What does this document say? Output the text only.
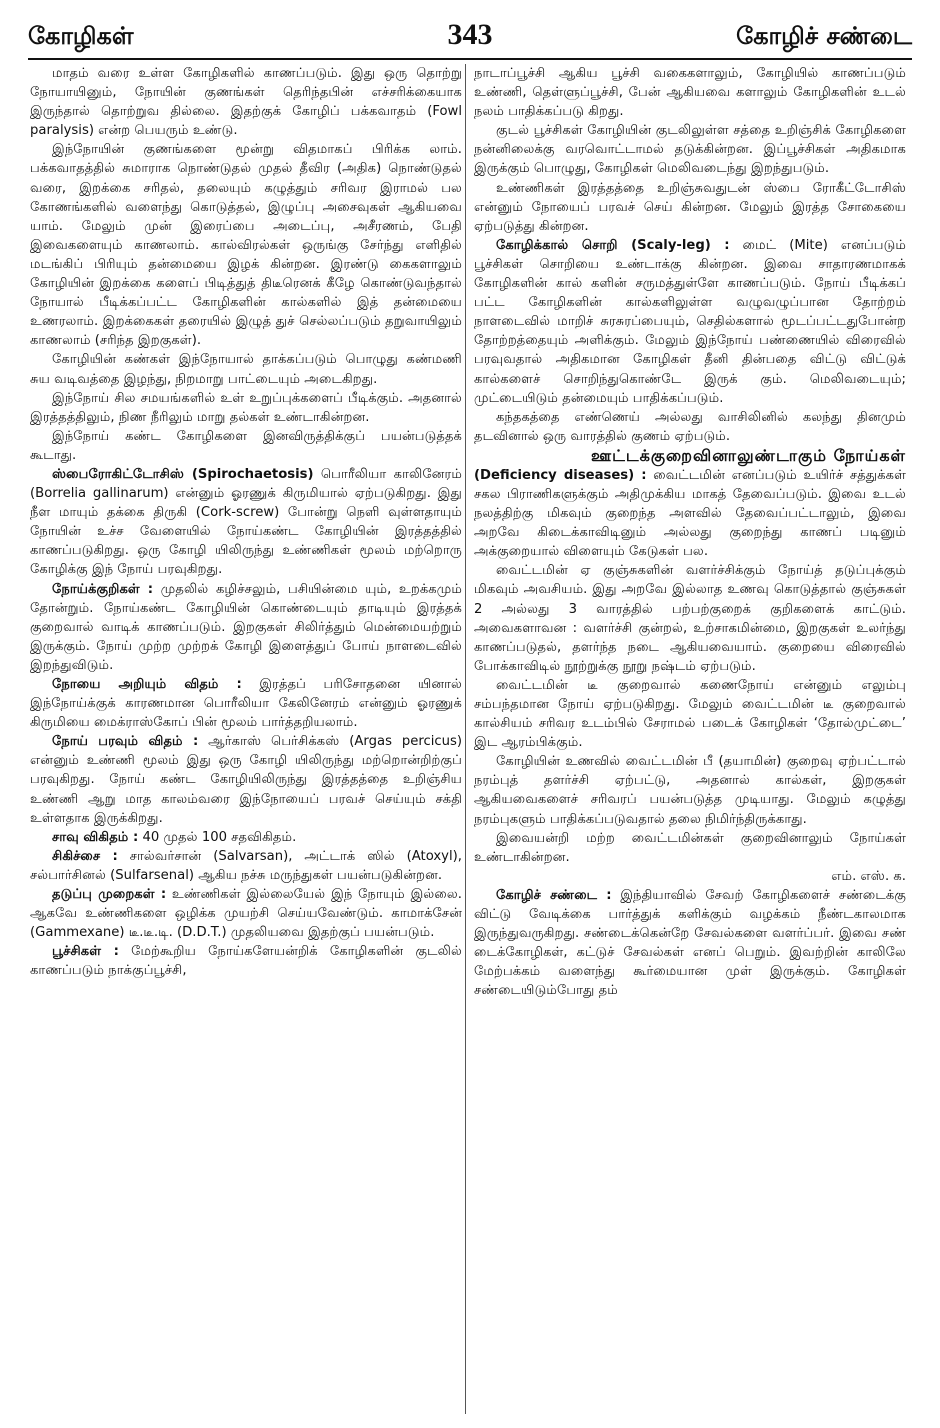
கோழிகள்	343	கோழிச் சண்டை

மாதம் வரை உள்ள கோழிகளில் காணப்படும். இது ஒரு தொற்று நோயாயினும், நோயின் குணங்கள் தெரிந்தபின் எச்சரிக்கையாக இருந்தால் தொற்றுவ தில்லை. இதற்குக் கோழிப் பக்கவாதம் (Fowl paralysis) என்ற பெயரும் உண்டு.

இந்நோயின் குணங்களை மூன்று விதமாகப் பிரிக்க லாம். பக்கவாதத்தில் சுமாராக நொண்டுதல் முதல் தீவிர (அதிக) நொண்டுதல் வரை, இறக்கை சரிதல், தலையும் கழுத்தும் சரிவர இராமல் பல கோணங்களில் வளைந்து கொடுத்தல், இழுப்பு அசைவுகள் ஆகியவை யாம். மேலும் முன் இரைப்பை அடைப்பு, அசீரணம், பேதி இவைகளையும் காணலாம். கால்விரல்கள் ஒருங்கு சேர்ந்து எளிதில் மடங்கிப் பிரியும் தன்மையை இழக் கின்றன. இரண்டு கைகளாலும் கோழியின் இறக்கை களைப் பிடித்துத் திடீரெனக் கீழே கொண்டுவந்தால் நோயால் பீடிக்கப்பட்ட கோழிகளின் கால்களில் இத் தன்மையை உணரலாம். இறக்கைகள் தரையில் இழுத் துச் செல்லப்படும் தறுவாயிலும் காணலாம் (சரிந்த இறகுகள்).

கோழியின் கண்கள் இந்நோயால் தாக்கப்படும் பொழுது கண்மணி சுய வடிவத்தை இழந்து, நிறமாறு பாட்டையும் அடைகிறது.

இந்நோய் சில சமயங்களில் உள் உறுப்புக்களைப் பீடிக்கும். அதனால் இரத்தத்திலும், நிண நீரிலும் மாறு தல்கள் உண்டாகின்றன.

இந்நோய் கண்ட கோழிகளை இனவிருத்திக்குப் பயன்படுத்தக் கூடாது.

ஸ்பைரோகிட்டோசிஸ் (Spirochaetosis) பொரீலியா காலினேரம் (Borrelia gallinarum) என்னும் ஓரணுக் கிருமியால் ஏற்படுகிறது. இது நீள மாயும் தக்கை திருகி (Cork-screw) போன்று நெளி வுள்ளதாயும் நோயின் உச்ச வேளையில் நோய்கண்ட கோழியின் இரத்தத்தில் காணப்படுகிறது. ஒரு கோழி யிலிருந்து உண்ணிகள் மூலம் மற்றொரு கோழிக்கு இந் நோய் பரவுகிறது.

நோய்க்குறிகள் : முதலில் கழிச்சலும், பசியின்மை யும், உறக்கமும் தோன்றும். நோய்கண்ட கோழியின் கொண்டையும் தாடியும் இரத்தக் குறைவால் வாடிக் காணப்படும். இறகுகள் சிலிர்த்தும் மென்மையற்றும் இருக்கும். நோய் முற்ற முற்றக் கோழி இளைத்துப் போய் நாளடைவில் இறந்துவிடும்.

நோயை அறியும் விதம் : இரத்தப் பரிசோதனை யினால் இந்நோய்க்குக் காரணமான பொரீலியா கேலினேரம் என்னும் ஓரணுக் கிருமியை மைக்ராஸ்கோப் பின் மூலம் பார்த்தறியலாம்.

நோய் பரவும் விதம் : ஆர்காஸ் பெர்சிக்கஸ் (Argas percicus) என்னும் உண்ணி மூலம் இது ஒரு கோழி யிலிருந்து மற்றொன்றிற்குப் பரவுகிறது. நோய் கண்ட கோழியிலிருந்து இரத்தத்தை உறிஞ்சிய உண்ணி ஆறு மாத காலம்வரை இந்நோயைப் பரவச் செய்யும் சக்தி உள்ளதாக இருக்கிறது.

சாவு விகிதம் : 40 முதல் 100 சதவிகிதம்.

சிகிச்சை : சால்வர்சான் (Salvarsan), அட்டாக் ஸில் (Atoxyl), சல்பார்சினல் (Sulfarsenal) ஆகிய நச்சு மருந்துகள் பயன்படுகின்றன.

தடுப்பு முறைகள் : உண்ணிகள் இல்லையேல் இந் நோயும் இல்லை. ஆகவே உண்ணிகளை ஒழிக்க முயற்சி செய்யவேண்டும். காமாக்சேன் (Gammexane) டீ.டீ.டி. (D.D.T.) முதலியவை இதற்குப் பயன்படும்.

பூச்சிகள் : மேற்கூறிய நோய்களேயன்றிக் கோழிகளின் குடலில் காணப்படும் நாக்குப்பூச்சி,

நாடாப்பூச்சி ஆகிய பூச்சி வகைகளாலும், கோழியில் காணப்படும் உண்ணி, தெள்ளுப்பூச்சி, பேன் ஆகியவை களாலும் கோழிகளின் உடல் நலம் பாதிக்கப்படு கிறது.

குடல் பூச்சிகள் கோழியின் குடலிலுள்ள சத்தை உறிஞ்சிக் கோழிகளை நன்னிலைக்கு வரவொட்டாமல் தடுக்கின்றன. இப்பூச்சிகள் அதிகமாக இருக்கும் பொழுது, கோழிகள் மெலிவடைந்து இறந்துபடும்.

உண்ணிகள் இரத்தத்தை உறிஞ்சுவதுடன் ஸ்பை ரோகீட்டோசிஸ் என்னும் நோயைப் பரவச் செய் கின்றன. மேலும் இரத்த சோகையை ஏற்படுத்து கின்றன.

கோழிக்கால் சொறி (Scaly-leg) : மைட் (Mite) எனப்படும் பூச்சிகள் சொறியை உண்டாக்கு கின்றன. இவை சாதாரணமாகக் கோழிகளின் கால் களின் சருமத்துள்ளே காணப்படும். நோய் பீடிக்கப் பட்ட கோழிகளின் கால்களிலுள்ள வழுவழுப்பான தோற்றம் நாளடைவில் மாறிச் சுரசுரப்பையும், செதில்களால் மூடப்பட்டதுபோன்ற தோற்றத்தையும் அளிக்கும். மேலும் இந்நோய் பண்ணையில் விரைவில் பரவுவதால் அதிகமான கோழிகள் தீனி தின்பதை விட்டு விட்டுக் கால்களைச் சொறிந்துகொண்டே இருக் கும். மெலிவடையும்; முட்டையிடும் தன்மையும் பாதிக்கப்படும்.

கந்தகத்தை எண்ணெய் அல்லது வாசிலினில் கலந்து தினமும் தடவினால் ஒரு வாரத்தில் குணம் ஏற்படும்.

ஊட்டக்குறைவினாலுண்டாகும் நோய்கள்

(Deficiency diseases) : வைட்டமின் எனப்படும் உயிர்ச் சத்துக்கள் சகல பிராணிகளுக்கும் அதிமுக்கிய மாகத் தேவைப்படும். இவை உடல் நலத்திற்கு மிகவும் குறைந்த அளவில் தேவைப்பட்டாலும், இவை அறவே கிடைக்காவிடினும் அல்லது குறைந்து காணப் படினும் அக்குறையால் விளையும் கேடுகள் பல.

வைட்டமின் ஏ குஞ்சுகளின் வளர்ச்சிக்கும் நோய்த் தடுப்புக்கும் மிகவும் அவசியம். இது அறவே இல்லாத உணவு கொடுத்தால் குஞ்சுகள் 2 அல்லது 3 வாரத்தில் பற்பற்குறைக் குறிகளைக் காட்டும். அவைகளாவன : வளர்ச்சி குன்றல், உற்சாகமின்மை, இறகுகள் உலர்ந்து காணப்படுதல், தளர்ந்த நடை ஆகியவையாம். குறையை விரைவில் போக்காவிடில் நூற்றுக்கு நூறு நஷ்டம் ஏற்படும்.

வைட்டமின் டீ குறைவால் கணைநோய் என்னும் எலும்பு சம்பந்தமான நோய் ஏற்படுகிறது. மேலும் வைட்டமின் டீ குறைவால் கால்சியம் சரிவர உடம்பில் சேராமல் படைக் கோழிகள் ‘தோல்முட்டை’ இட ஆரம்பிக்கும்.

கோழியின் உணவில் வைட்டமின் பீ (தயாமின்) குறைவு ஏற்பட்டால் நரம்புத் தளர்ச்சி ஏற்பட்டு, அதனால் கால்கள், இறகுகள் ஆகியவைகளைச் சரிவரப் பயன்படுத்த முடியாது. மேலும் கழுத்து நரம்புகளும் பாதிக்கப்படுவதால் தலை நிமிர்ந்திருக்காது.

இவையன்றி மற்ற வைட்டமின்கள் குறைவினாலும் நோய்கள் உண்டாகின்றன.

எம். எஸ். க.

கோழிச் சண்டை : இந்தியாவில் சேவற் கோழிகளைச் சண்டைக்கு விட்டு வேடிக்கை பார்த்துக் களிக்கும் வழக்கம் நீண்டகாலமாக இருந்துவருகிறது. சண்டைக்கென்றே சேவல்களை வளர்ப்பர். இவை சண் டைக்கோழிகள், கட்டுச் சேவல்கள் எனப் பெறும். இவற்றின் காலிலே மேற்பக்கம் வளைந்து கூர்மையான முள் இருக்கும். கோழிகள் சண்டையிடும்போது தம்
